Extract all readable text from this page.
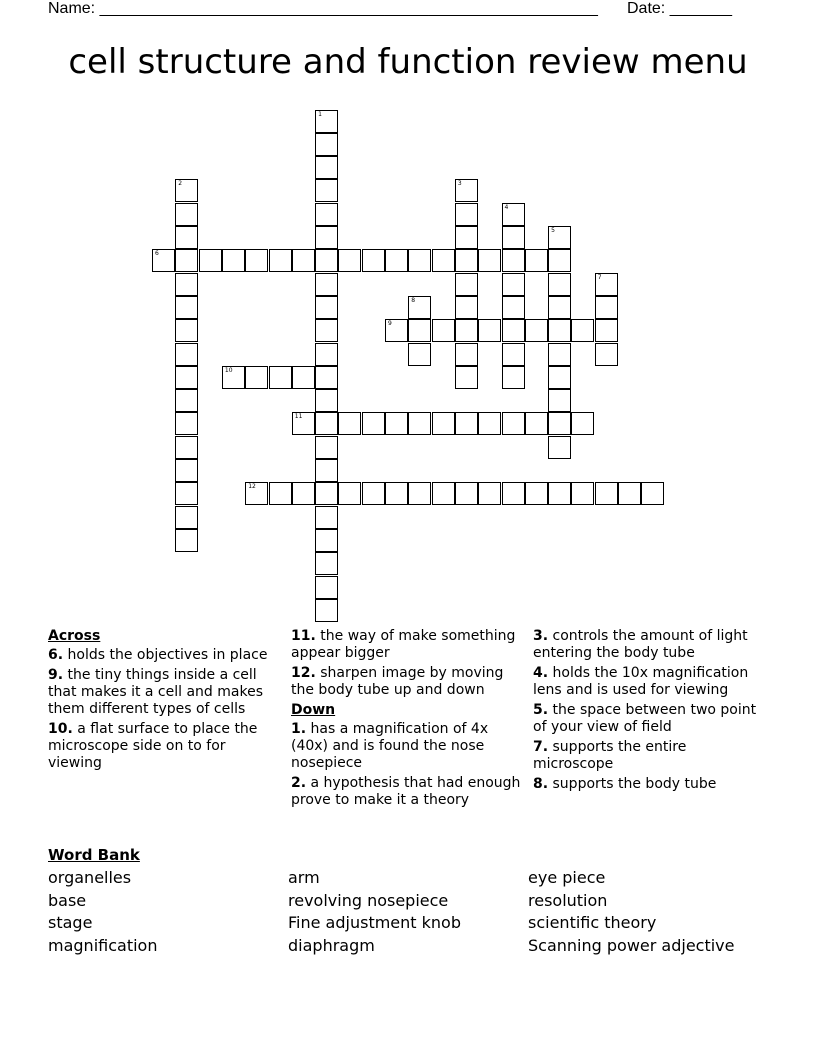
Name: ________________________________________________________ Date: _______
cell structure and function review menu
1
2	3
4
5
6
7
8
9
10
11
12
Across
6. holds the objectives in place
9. the tiny things inside a cell that makes it a cell and makes them different types of cells
10. a flat surface to place the microscope side on to for viewing
11. the way of make something appear bigger
12. sharpen image by moving the body tube up and down
Down
1. has a magnification of 4x (40x) and is found the nose nosepiece
2. a hypothesis that had enough prove to make it a theory
3. controls the amount of light entering the body tube
4. holds the 10x magnification lens and is used for viewing
5. the space between two point of your view of field
7. supports the entire microscope
8. supports the body tube
Word Bank
organelles	arm	eye piece
base	revolving nosepiece	resolution
stage	Fine adjustment knob	scientific theory
magnification	diaphragm	Scanning power adjective
